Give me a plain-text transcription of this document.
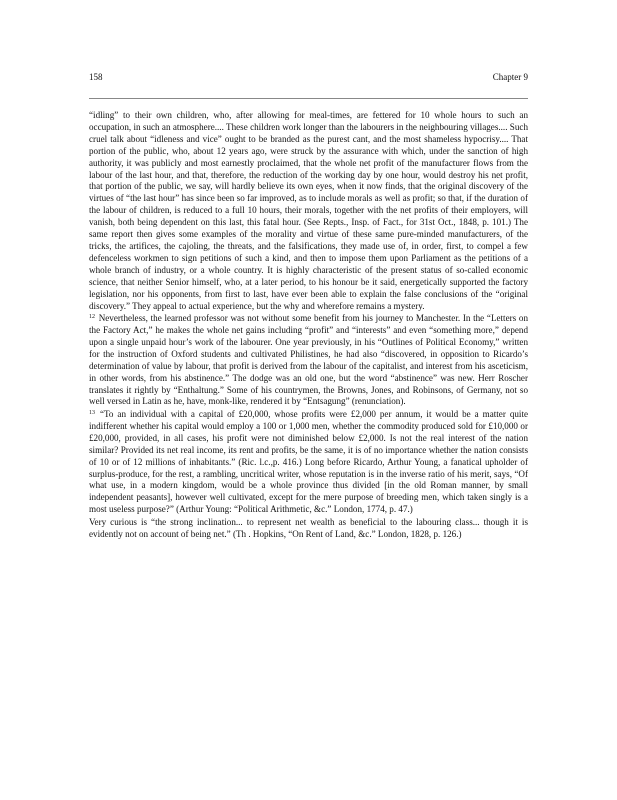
158	Chapter 9

“idling” to their own children, who, after allowing for meal-times, are fettered for 10 whole hours to such an occupation, in such an atmosphere.... These children work longer than the labourers in the neighbouring villages.... Such cruel talk about “idleness and vice” ought to be branded as the purest cant, and the most shameless hypocrisy.... That portion of the public, who, about 12 years ago, were struck by the assurance with which, under the sanction of high authority, it was publicly and most earnestly proclaimed, that the whole net profit of the manufacturer flows from the labour of the last hour, and that, therefore, the reduction of the working day by one hour, would destroy his net profit, that portion of the public, we say, will hardly believe its own eyes, when it now finds, that the original discovery of the virtues of “the last hour” has since been so far improved, as to include morals as well as profit; so that, if the duration of the labour of children, is reduced to a full 10 hours, their morals, together with the net profits of their employers, will vanish, both being dependent on this last, this fatal hour. (See Repts., Insp. of Fact., for 31st Oct., 1848, p. 101.) The same report then gives some examples of the morality and virtue of these same pure-minded manufacturers, of the tricks, the artifices, the cajoling, the threats, and the falsifications, they made use of, in order, first, to compel a few defenceless workmen to sign petitions of such a kind, and then to impose them upon Parliament as the petitions of a whole branch of industry, or a whole country. It is highly characteristic of the present status of so-called economic science, that neither Senior himself, who, at a later period, to his honour be it said, energetically supported the factory legislation, nor his opponents, from first to last, have ever been able to explain the false conclusions of the “original discovery.” They appeal to actual experience, but the why and wherefore remains a mystery.

$^{12}$ Nevertheless, the learned professor was not without some benefit from his journey to Manchester. In the “Letters on the Factory Act,” he makes the whole net gains including “profit” and “interests” and even “something more,” depend upon a single unpaid hour’s work of the labourer. One year previously, in his “Outlines of Political Economy,” written for the instruction of Oxford students and cultivated Philistines, he had also “discovered, in opposition to Ricardo’s determination of value by labour, that profit is derived from the labour of the capitalist, and interest from his asceticism, in other words, from his abstinence.” The dodge was an old one, but the word “abstinence” was new. Herr Roscher translates it rightly by “Enthaltung.” Some of his countrymen, the Browns, Jones, and Robinsons, of Germany, not so well versed in Latin as he, have, monk-like, rendered it by “Entsagung” (renunciation).

$^{13}$ “To an individual with a capital of £20,000, whose profits were £2,000 per annum, it would be a matter quite indifferent whether his capital would employ a 100 or 1,000 men, whether the commodity produced sold for £10,000 or £20,000, provided, in all cases, his profit were not diminished below £2,000. Is not the real interest of the nation similar? Provided its net real income, its rent and profits, be the same, it is of no importance whether the nation consists of 10 or of 12 millions of inhabitants.” (Ric. l.c.,p. 416.) Long before Ricardo, Arthur Young, a fanatical upholder of surplus-produce, for the rest, a rambling, uncritical writer, whose reputation is in the inverse ratio of his merit, says, “Of what use, in a modern kingdom, would be a whole province thus divided [in the old Roman manner, by small independent peasants], however well cultivated, except for the mere purpose of breeding men, which taken singly is a most useless purpose?” (Arthur Young: “Political Arithmetic, &c.” London, 1774, p. 47.)

Very curious is “the strong inclination... to represent net wealth as beneficial to the labouring class... though it is evidently not on account of being net.” (Th . Hopkins, “On Rent of Land, &c.” London, 1828, p. 126.)
